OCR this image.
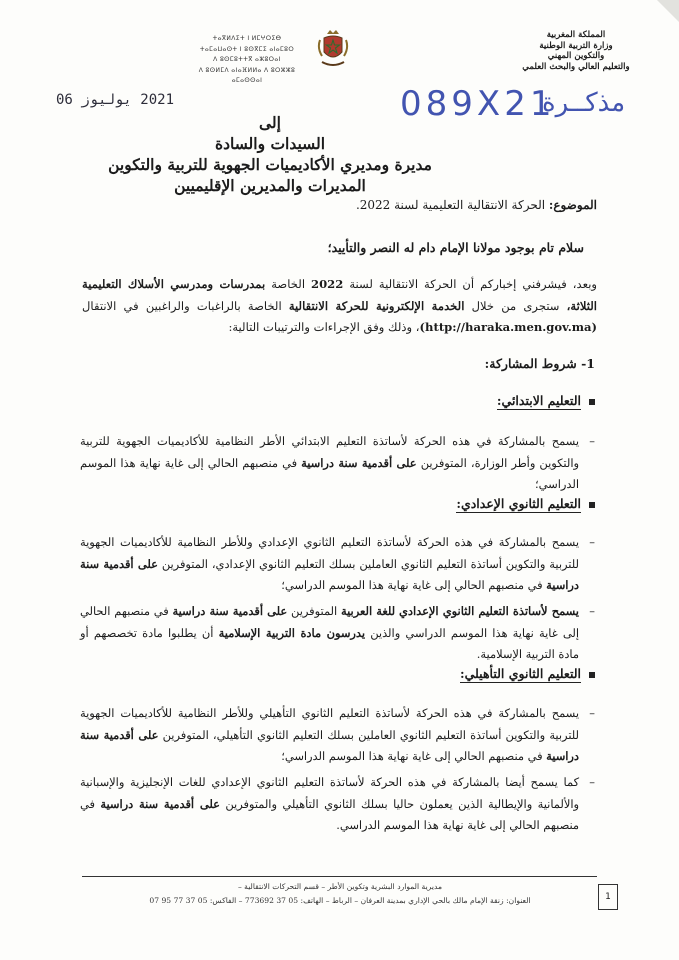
المملكة المغربية
وزارة التربية الوطنية
والتكوين المهني
والتعليم العالي والبحث العلمي
ⵜⴰⴳⵍⴷⵉⵜ ⵏ ⵍⵎⵖⵔⵉⴱ
ⵜⴰⵎⴰⵡⴰⵙⵜ ⵏ ⵓⵙⴳⵎⵉ ⴰⵏⴰⵎⵓⵔ
ⴷ ⵓⵙⵎⵓⵜⵜⴳ ⴰⵣⵓⵔⴰⵏ
ⴷ ⵓⵙⵍⵎⴷ ⴰⵏⴰⴼⵍⵍⴰ ⴷ ⵓⵔⵣⵣⵓ ⴰⵎⴰⵙⵙⴰⵏ
2021 يوليوز 06	مذكــرة
089X21
إلى
السيدات والسادة
مديرة ومديري الأكاديميات الجهوية للتربية والتكوين
المديرات والمديرين الإقليميين
الموضوع: الحركة الانتقالية التعليمية لسنة 2022.
سلام تام بوجود مولانا الإمام دام له النصر والتأييد؛
وبعد، فيشرفني إخباركم أن الحركة الانتقالية لسنة 2022 الخاصة بمدرسات ومدرسي الأسلاك التعليمية الثلاثة، ستجرى من خلال الخدمة الإلكترونية للحركة الانتقالية الخاصة بالراغبات والراغبين في الانتقال (http://haraka.men.gov.ma)، وذلك وفق الإجراءات والترتيبات التالية:
1- شروط المشاركة:
التعليم الابتدائي:
–
يسمح بالمشاركة في هذه الحركة لأساتذة التعليم الابتدائي الأطر النظامية للأكاديميات الجهوية للتربية والتكوين وأطر الوزارة، المتوفرين على أقدمية سنة دراسية في منصبهم الحالي إلى غاية نهاية هذا الموسم الدراسي؛
التعليم الثانوي الإعدادي:
–
يسمح بالمشاركة في هذه الحركة لأساتذة التعليم الثانوي الإعدادي وللأطر النظامية للأكاديميات الجهوية للتربية والتكوين أساتذة التعليم الثانوي العاملين بسلك التعليم الثانوي الإعدادي، المتوفرين على أقدمية سنة دراسية في منصبهم الحالي إلى غاية نهاية هذا الموسم الدراسي؛
–
يسمح لأساتذة التعليم الثانوي الإعدادي للغة العربية المتوفرين على أقدمية سنة دراسية في منصبهم الحالي إلى غاية نهاية هذا الموسم الدراسي والذين يدرسون مادة التربية الإسلامية أن يطلبوا مادة تخصصهم أو مادة التربية الإسلامية.
التعليم الثانوي التأهيلي:
–
يسمح بالمشاركة في هذه الحركة لأساتذة التعليم الثانوي التأهيلي وللأطر النظامية للأكاديميات الجهوية للتربية والتكوين أساتذة التعليم الثانوي العاملين بسلك التعليم الثانوي التأهيلي، المتوفرين على أقدمية سنة دراسية في منصبهم الحالي إلى غاية نهاية هذا الموسم الدراسي؛
–
كما يسمح أيضا بالمشاركة في هذه الحركة لأساتذة التعليم الثانوي الإعدادي للغات الإنجليزية والإسبانية والألمانية والإيطالية الذين يعملون حاليا بسلك الثانوي التأهيلي والمتوفرين على أقدمية سنة دراسية في منصبهم الحالي إلى غاية نهاية هذا الموسم الدراسي.
مديرية الموارد البشرية وتكوين الأطر – قسم التحركات الانتقالية –
العنوان: زنقة الإمام مالك بالحي الإداري بمدينة العرفان – الرباط – الهاتف: 05 37 773692 – الفاكس: 05 37 77 95 07	1
